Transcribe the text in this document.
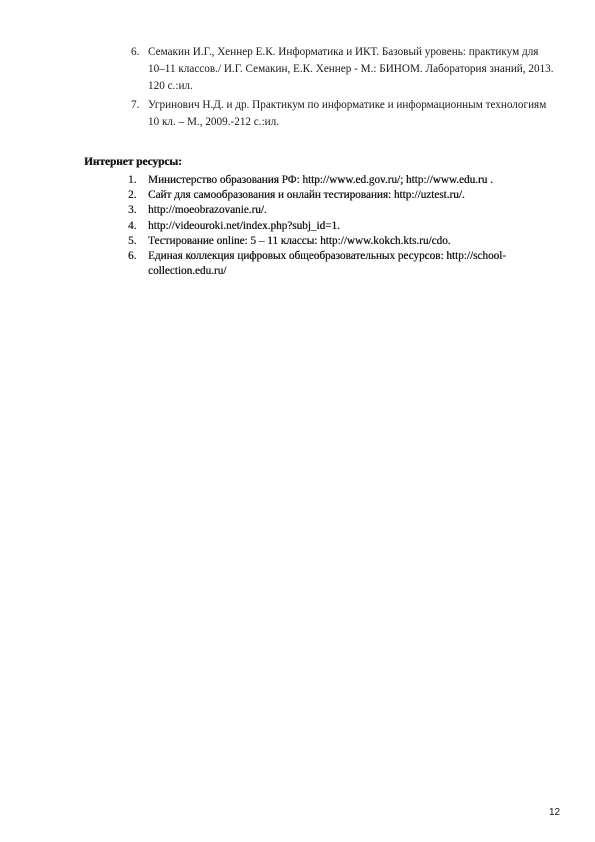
6. Семакин И.Г., Хеннер Е.К. Информатика и ИКТ. Базовый уровень: практикум для 10–11 классов./ И.Г. Семакин, Е.К. Хеннер - М.: БИНОМ. Лаборатория знаний, 2013. 120 с.:ил.
7. Угринович Н.Д. и др. Практикум по информатике и информационным технологиям 10 кл. – М., 2009.-212 с.:ил.
Интернет ресурсы:
1. Министерство образования РФ: http://www.ed.gov.ru/; http://www.edu.ru .
2. Сайт для самообразования и онлайн тестирования: http://uztest.ru/.
3. http://moeobrazovanie.ru/.
4. http://videouroki.net/index.php?subj_id=1.
5. Тестирование online: 5 – 11 классы: http://www.kokch.kts.ru/cdo.
6. Единая коллекция цифровых общеобразовательных ресурсов: http://school-collection.edu.ru/
12
